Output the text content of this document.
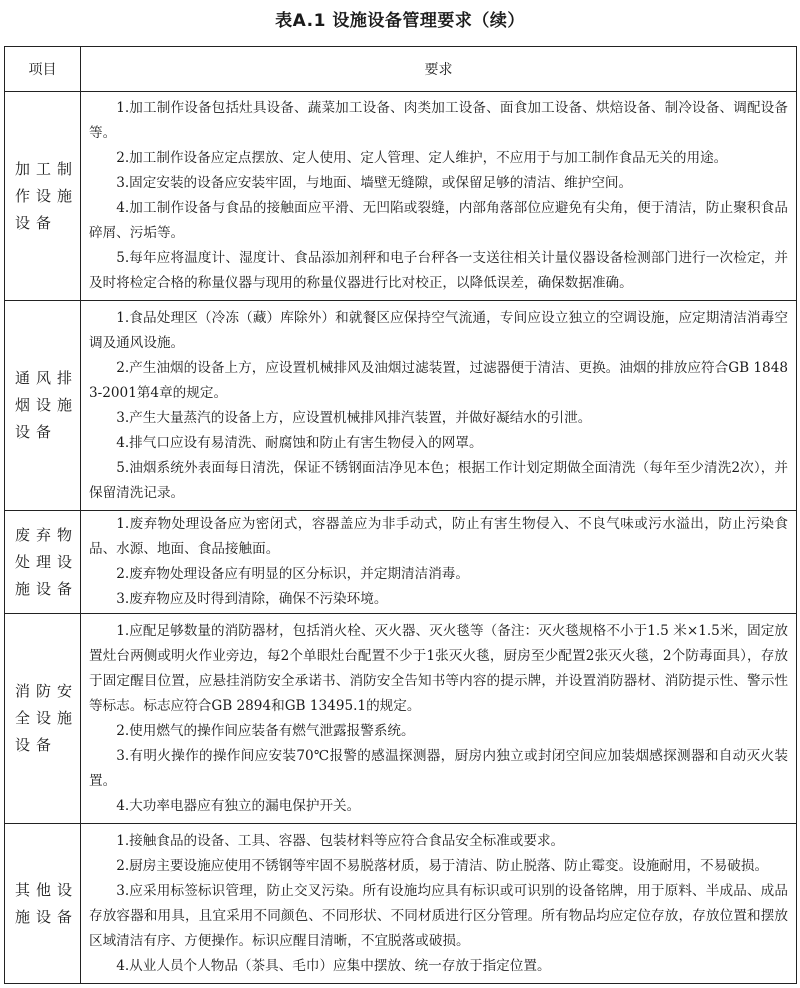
表A.1 设施设备管理要求（续）
项目	要求
加工制作设施设备	1.加工制作设备包括灶具设备、蔬菜加工设备、肉类加工设备、面食加工设备、烘焙设备、制冷设备、调配设备等。

2.加工制作设备应定点摆放、定人使用、定人管理、定人维护，不应用于与加工制作食品无关的用途。

3.固定安装的设备应安装牢固，与地面、墙壁无缝隙，或保留足够的清洁、维护空间。

4.加工制作设备与食品的接触面应平滑、无凹陷或裂缝，内部角落部位应避免有尖角，便于清洁，防止聚积食品碎屑、污垢等。

5.每年应将温度计、湿度计、食品添加剂秤和电子台秤各一支送往相关计量仪器设备检测部门进行一次检定，并及时将检定合格的称量仪器与现用的称量仪器进行比对校正，以降低误差，确保数据准确。

通风排烟设施设备	1.食品处理区（冷冻（藏）库除外）和就餐区应保持空气流通，专间应设立独立的空调设施，应定期清洁消毒空调及通风设施。

2.产生油烟的设备上方，应设置机械排风及油烟过滤装置，过滤器便于清洁、更换。油烟的排放应符合GB 18483-2001第4章的规定。

3.产生大量蒸汽的设备上方，应设置机械排风排汽装置，并做好凝结水的引泄。

4.排气口应设有易清洗、耐腐蚀和防止有害生物侵入的网罩。

5.油烟系统外表面每日清洗，保证不锈钢面洁净见本色；根据工作计划定期做全面清洗（每年至少清洗2次），并保留清洗记录。

废弃物处理设施设备	1.废弃物处理设备应为密闭式，容器盖应为非手动式，防止有害生物侵入、不良气味或污水溢出，防止污染食品、水源、地面、食品接触面。

2.废弃物处理设备应有明显的区分标识，并定期清洁消毒。

3.废弃物应及时得到清除，确保不污染环境。

消防安全设施设备	1.应配足够数量的消防器材，包括消火栓、灭火器、灭火毯等（备注：灭火毯规格不小于1.5 米×1.5米，固定放置灶台两侧或明火作业旁边，每2个单眼灶台配置不少于1张灭火毯，厨房至少配置2张灭火毯，2个防毒面具），存放于固定醒目位置，应悬挂消防安全承诺书、消防安全告知书等内容的提示牌，并设置消防器材、消防提示性、警示性等标志。标志应符合GB 2894和GB 13495.1的规定。

2.使用燃气的操作间应装备有燃气泄露报警系统。

3.有明火操作的操作间应安装70℃报警的感温探测器，厨房内独立或封闭空间应加装烟感探测器和自动灭火装置。

4.大功率电器应有独立的漏电保护开关。

其他设施设备	1.接触食品的设备、工具、容器、包装材料等应符合食品安全标准或要求。

2.厨房主要设施应使用不锈钢等牢固不易脱落材质，易于清洁、防止脱落、防止霉变。设施耐用，不易破损。

3.应采用标签标识管理，防止交叉污染。所有设施均应具有标识或可识别的设备铭牌，用于原料、半成品、成品存放容器和用具，且宜采用不同颜色、不同形状、不同材质进行区分管理。所有物品均应定位存放，存放位置和摆放区域清洁有序、方便操作。标识应醒目清晰，不宜脱落或破损。

4.从业人员个人物品（茶具、毛巾）应集中摆放、统一存放于指定位置。
